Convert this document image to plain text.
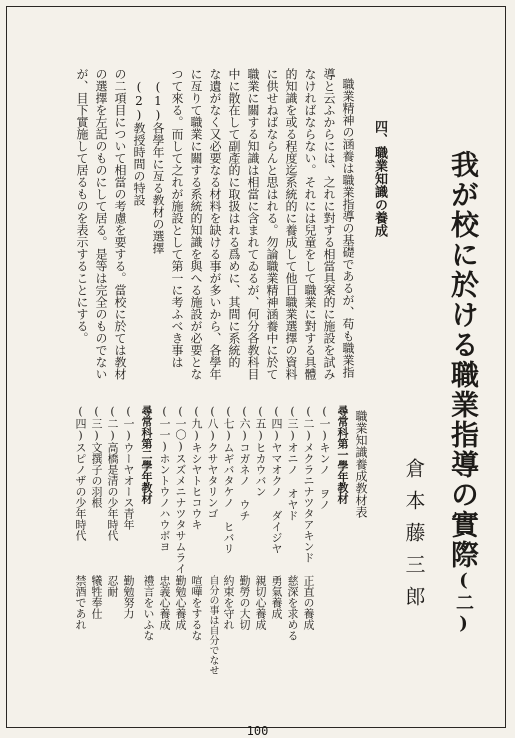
我が校に於ける職業指導の實際(二)
倉本藤三郎
四、職業知識の養成
職業精神の涵養は職業指導の基礎であるが、苟も職業指
導と云ふからには、之れに對する相當具案的に施設を試み
なければならない。それには兒童をして職業に對する具體
的知識を或る程度迄系統的に養成して他日職業選擇の資料
に供せねばならんと思はれる。勿論職業精神涵養中に於て
職業に關する知識は相當に含まれてゐるが、何分各教科目
中に散在して副產的に取扱はれる爲めに、其間に系統的
な遺がなく又必要なる材料を缺ける事が多いから、各學年
に亙りて職業に關する系統的知識を與へる施設が必要とな
つて來る。而して之れが施設として第一に考ふべき事は
(1)各學年に亙る教材の選擇
(2)教授時間の特設
の二項目について相當の考慮を要する。當校に於ては教材
の選擇を左記のものにして居る。是等は完全のものでない
が、目下實施して居るものを表示することにする。
職業知識養成教材表
尋常科第一學年教材
(一)キンノ ヲノ
(二)メクラニナツタアキンド
(三)オニノ オヤド
(四)ヤマオクノ ダイジヤ
(五)ヒカウバン
(六)コガネノ ウチ
(七)ムギバタケノ ヒバリ
(八)クサヤタリンゴ
(九)キシヤトヒコウキ
(一〇)スズメニナツタサムライ
(一一)ホントウノハウボヨ
尋常科第二學年教材
(一)ウーヤオース青年
(二)高橋是清の少年時代
(三)文撰子の羽根
(四)スピノザの少年時代
正直の養成
慈深を求める
勇氣養成
親切心養成
勤勞の大切
約束を守れ
自分の事は自分でなせ
喧嘩をするな
勤勉心養成
忠義心養成
禮言をいふな
勤勉努力
忍耐
犧牲奉仕
禁酒であれ
100
